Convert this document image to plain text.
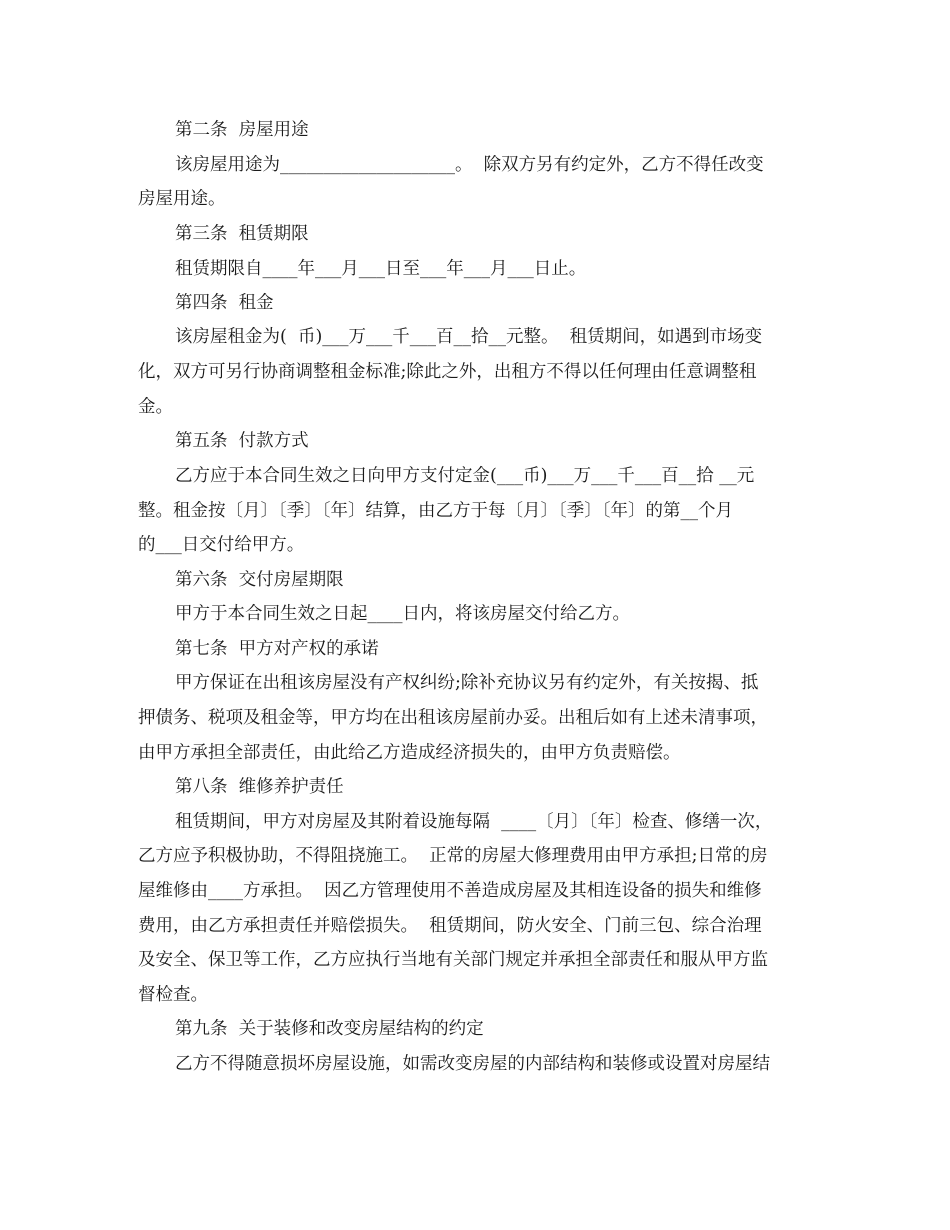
第二条  房屋用途
该房屋用途为____________________。  除双方另有约定外，乙方不得任改变
房屋用途。
第三条  租赁期限
租赁期限自____年___月___日至___年___月___日止。
第四条  租金
该房屋租金为(  币)___万___千___百__拾__元整。  租赁期间，如遇到市场变
化，双方可另行协商调整租金标准;除此之外，出租方不得以任何理由任意调整租
金。
第五条  付款方式
乙方应于本合同生效之日向甲方支付定金(___币)___万___千___百__拾 __元
整。租金按〔月〕〔季〕〔年〕结算，由乙方于每〔月〕〔季〕〔年〕的第__个月
的___日交付给甲方。
第六条  交付房屋期限
甲方于本合同生效之日起____日内，将该房屋交付给乙方。
第七条  甲方对产权的承诺
甲方保证在出租该房屋没有产权纠纷;除补充协议另有约定外，有关按揭、抵
押债务、税项及租金等，甲方均在出租该房屋前办妥。出租后如有上述未清事项，
由甲方承担全部责任，由此给乙方造成经济损失的，由甲方负责赔偿。
第八条  维修养护责任
租赁期间，甲方对房屋及其附着设施每隔  ____〔月〕〔年〕检查、修缮一次，
乙方应予积极协助，不得阻挠施工。  正常的房屋大修理费用由甲方承担;日常的房
屋维修由____方承担。  因乙方管理使用不善造成房屋及其相连设备的损失和维修
费用，由乙方承担责任并赔偿损失。  租赁期间，防火安全、门前三包、综合治理
及安全、保卫等工作，乙方应执行当地有关部门规定并承担全部责任和服从甲方监
督检查。
第九条  关于装修和改变房屋结构的约定
乙方不得随意损坏房屋设施，如需改变房屋的内部结构和装修或设置对房屋结
